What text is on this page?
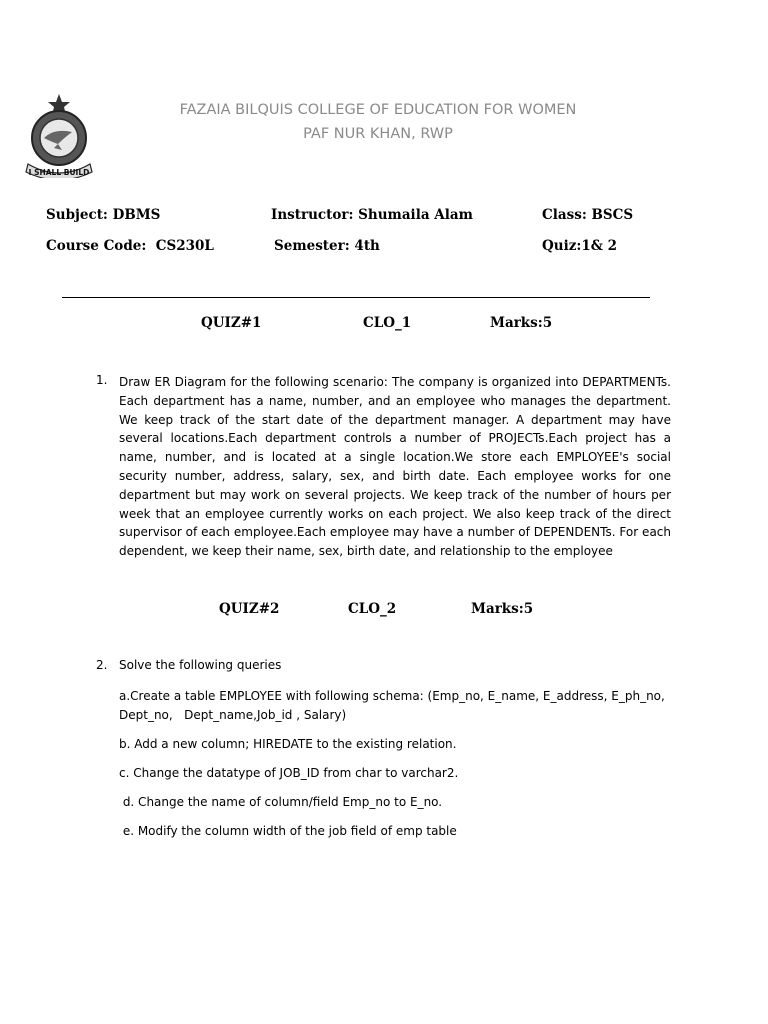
I SHALL BUILD
FAZAIA BILQUIS COLLEGE OF EDUCATION FOR WOMEN
PAF NUR KHAN, RWP
Subject: DBMS	Instructor: Shumaila Alam	Class: BSCS
Course Code:  CS230L	Semester: 4th	Quiz:1& 2
QUIZ#1	CLO_1	Marks:5
1. Draw ER Diagram for the following scenario: The company is organized into DEPARTMENTs. Each department has a name, number, and an employee who manages the department. We keep track of the start date of the department manager. A department may have several locations.Each department controls a number of PROJECTs.Each project has a name, number, and is located at a single location.We store each EMPLOYEE's social security number, address, salary, sex, and birth date. Each employee works for one department but may work on several projects. We keep track of the number of hours per week that an employee currently works on each project. We also keep track of the direct supervisor of each employee.Each employee may have a number of DEPENDENTs. For each dependent, we keep their name, sex, birth date, and relationship to the employee
QUIZ#2	CLO_2	Marks:5
2. Solve the following queries
a.Create a table EMPLOYEE with following schema: (Emp_no, E_name, E_address, E_ph_no,
Dept_no,   Dept_name,Job_id , Salary)
b. Add a new column; HIREDATE to the existing relation.
c. Change the datatype of JOB_ID from char to varchar2.
d. Change the name of column/field Emp_no to E_no.
e. Modify the column width of the job field of emp table
